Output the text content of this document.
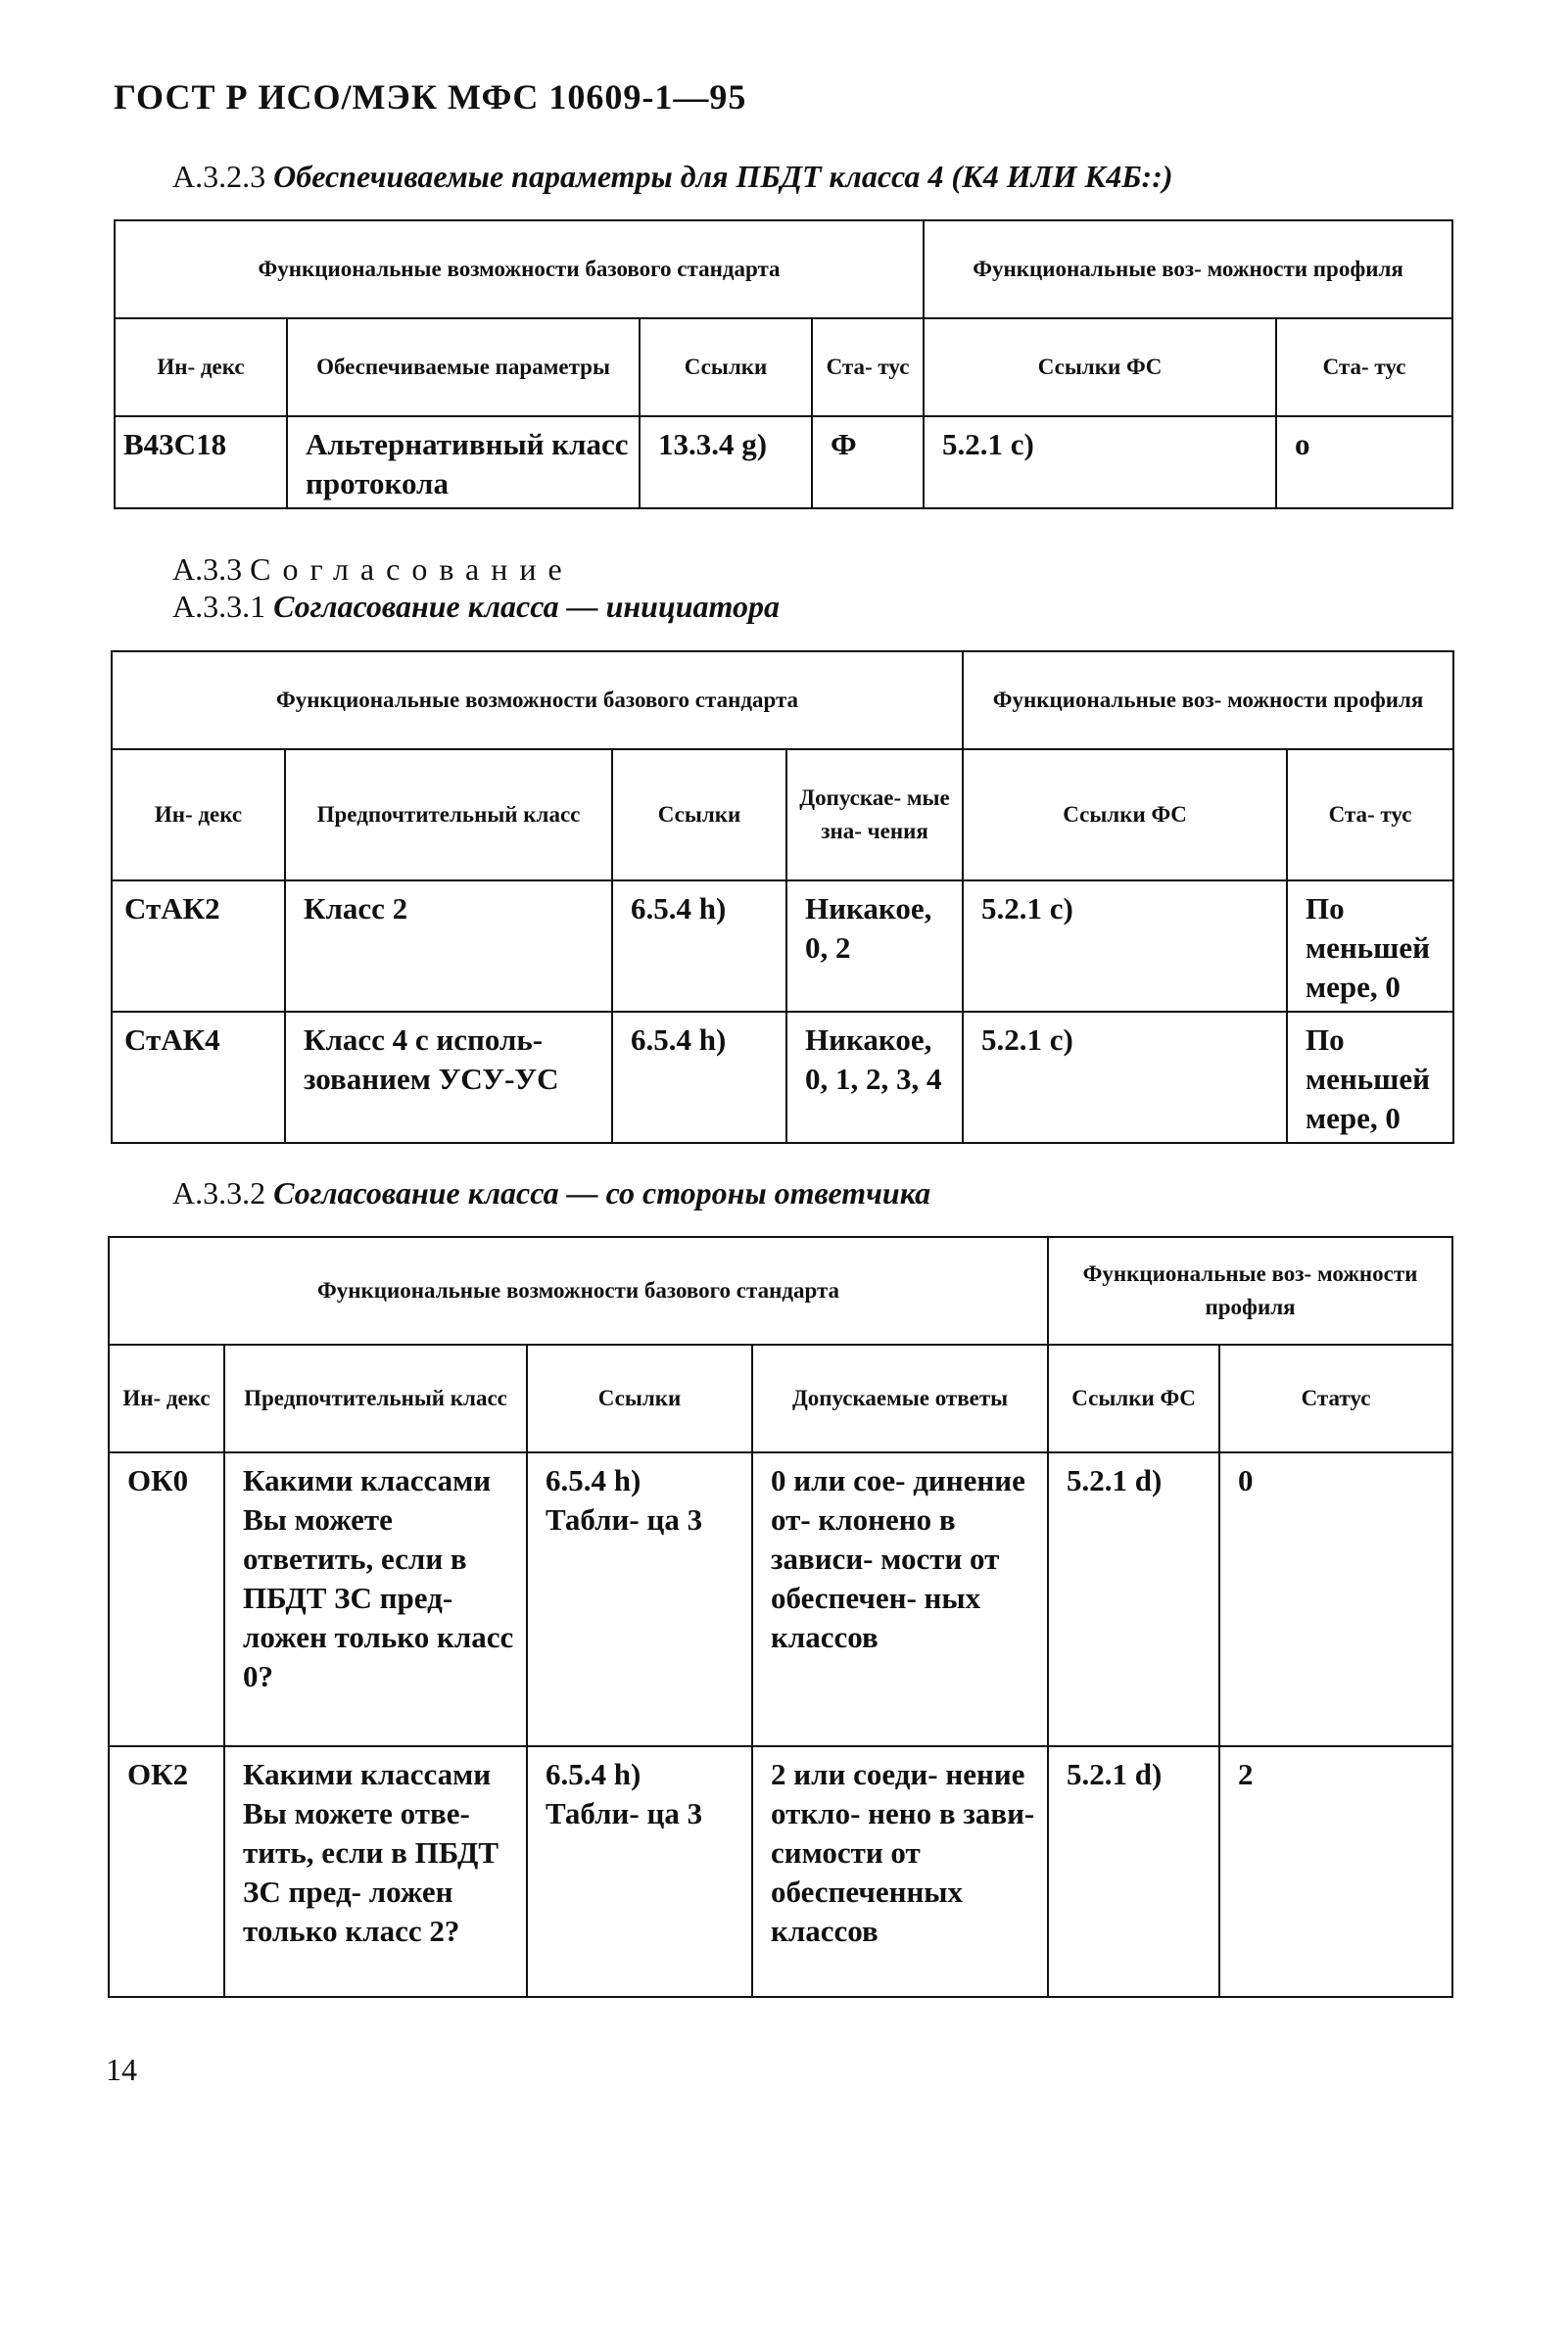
ГОСТ Р ИСО/МЭК МФС 10609-1—95
А.3.2.3 Обеспечиваемые параметры для ПБДТ класса 4 (К4 ИЛИ К4Б::)
Функциональные возможности базового стандарта				Функциональные воз- можности профиля	

Ин- декс	Обеспечиваемые параметры	Ссылки	Ста- тус	Ссылки ФС	Ста- тус
В43С18	Альтернативный класс протокола	13.3.4 g)	Ф	5.2.1 с)	о
А.3.3 Согласование
А.3.3.1 Согласование класса — инициатора
Функциональные возможности базового стандарта				Функциональные воз- можности профиля	

Ин- декс	Предпочтительный класс	Ссылки	Допускае- мые зна- чения	Ссылки ФС	Ста- тус
СтАК2	Класс 2	6.5.4 h)	Никакое, 0, 2	5.2.1 с)	По меньшей мере, 0
СтАК4	Класс 4 с исполь- зованием УСУ-УС	6.5.4 h)	Никакое, 0, 1, 2, 3, 4	5.2.1 с)	По меньшей мере, 0
А.3.3.2 Согласование класса — со стороны ответчика
Функциональные возможности базового стандарта				Функциональные воз- можности профиля	

Ин- декс	Предпочтительный класс	Ссылки	Допускаемые ответы	Ссылки ФС	Статус
ОК0	Какими классами Вы можете ответить, если в ПБДТ ЗС пред- ложен только класс 0?	6.5.4 h) Табли- ца 3	0 или сое- динение от- клонено в зависи- мости от обеспечен- ных классов	5.2.1 d)	0
ОК2	Какими классами Вы можете отве- тить, если в ПБДТ ЗС пред- ложен только класс 2?	6.5.4 h) Табли- ца 3	2 или соеди- нение откло- нено в зави- симости от обеспеченных классов	5.2.1 d)	2
14
